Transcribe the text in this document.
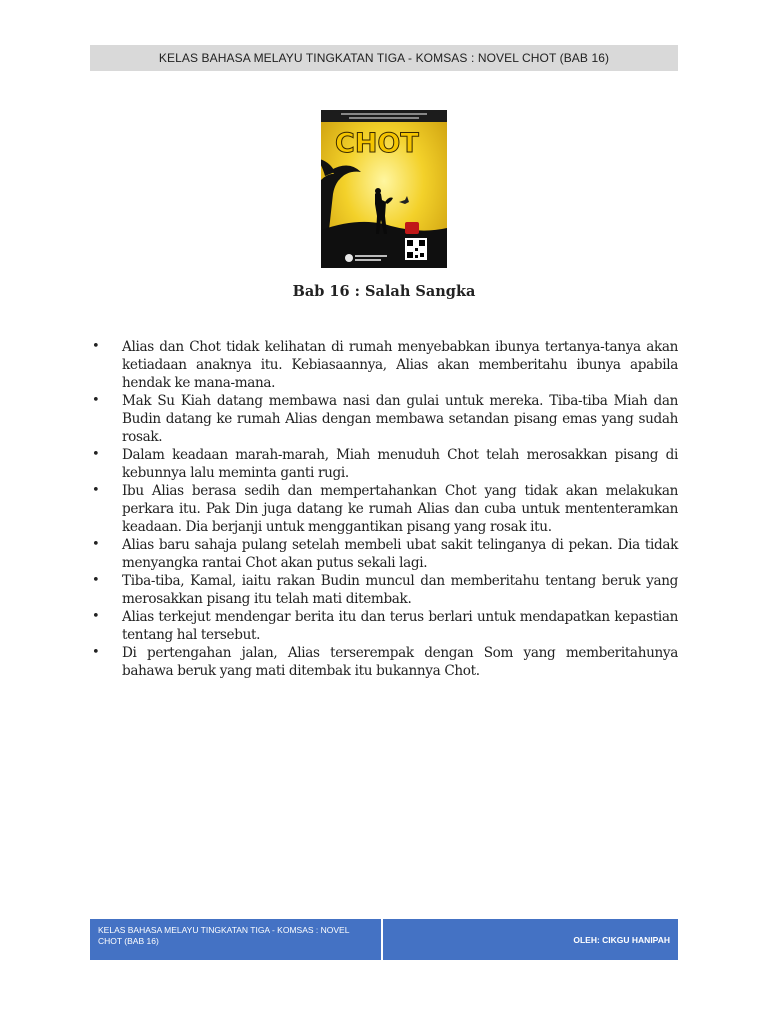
KELAS BAHASA MELAYU TINGKATAN TIGA - KOMSAS : NOVEL CHOT (BAB 16)
CHOT
Bab 16 : Salah Sangka
• Alias dan Chot tidak kelihatan di rumah menyebabkan ibunya tertanya-tanya akan ketiadaan anaknya itu. Kebiasaannya, Alias akan memberitahu ibunya apabila hendak ke mana-mana.
• Mak Su Kiah datang membawa nasi dan gulai untuk mereka. Tiba-tiba Miah dan Budin datang ke rumah Alias dengan membawa setandan pisang emas yang sudah rosak.
• Dalam keadaan marah-marah, Miah menuduh Chot telah merosakkan pisang di kebunnya lalu meminta ganti rugi.
• Ibu Alias berasa sedih dan mempertahankan Chot yang tidak akan melakukan perkara itu. Pak Din juga datang ke rumah Alias dan cuba untuk mententeramkan keadaan. Dia berjanji untuk menggantikan pisang yang rosak itu.
• Alias baru sahaja pulang setelah membeli ubat sakit telinganya di pekan. Dia tidak menyangka rantai Chot akan putus sekali lagi.
• Tiba-tiba, Kamal, iaitu rakan Budin muncul dan memberitahu tentang beruk yang merosakkan pisang itu telah mati ditembak.
• Alias terkejut mendengar berita itu dan terus berlari untuk mendapatkan kepastian tentang hal tersebut.
• Di pertengahan jalan, Alias terserempak dengan Som yang memberitahunya bahawa beruk yang mati ditembak itu bukannya Chot.
KELAS BAHASA MELAYU TINGKATAN TIGA - KOMSAS : NOVEL CHOT (BAB 16)	OLEH: CIKGU HANIPAH
